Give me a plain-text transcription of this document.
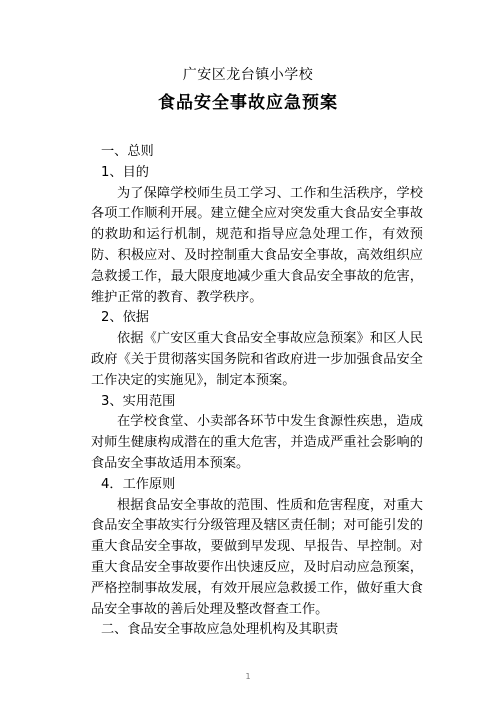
广安区龙台镇小学校
食品安全事故应急预案

一、总则

1、目的

为了保障学校师生员工学习、工作和生活秩序，学校各项工作顺利开展。建立健全应对突发重大食品安全事故的救助和运行机制，规范和指导应急处理工作，有效预防、积极应对、及时控制重大食品安全事故，高效组织应急救援工作，最大限度地减少重大食品安全事故的危害，维护正常的教育、教学秩序。

2、依据

依据《广安区重大食品安全事故应急预案》和区人民政府《关于贯彻落实国务院和省政府进一步加强食品安全工作决定的实施见》，制定本预案。

3、实用范围

在学校食堂、小卖部各环节中发生食源性疾患，造成对师生健康构成潜在的重大危害，并造成严重社会影响的食品安全事故适用本预案。

4．工作原则

根据食品安全事故的范围、性质和危害程度，对重大食品安全事故实行分级管理及辖区责任制；对可能引发的重大食品安全事故，要做到早发现、早报告、早控制。对重大食品安全事故要作出快速反应，及时启动应急预案，严格控制事故发展，有效开展应急救援工作，做好重大食品安全事故的善后处理及整改督查工作。

二、食品安全事故应急处理机构及其职责

1
